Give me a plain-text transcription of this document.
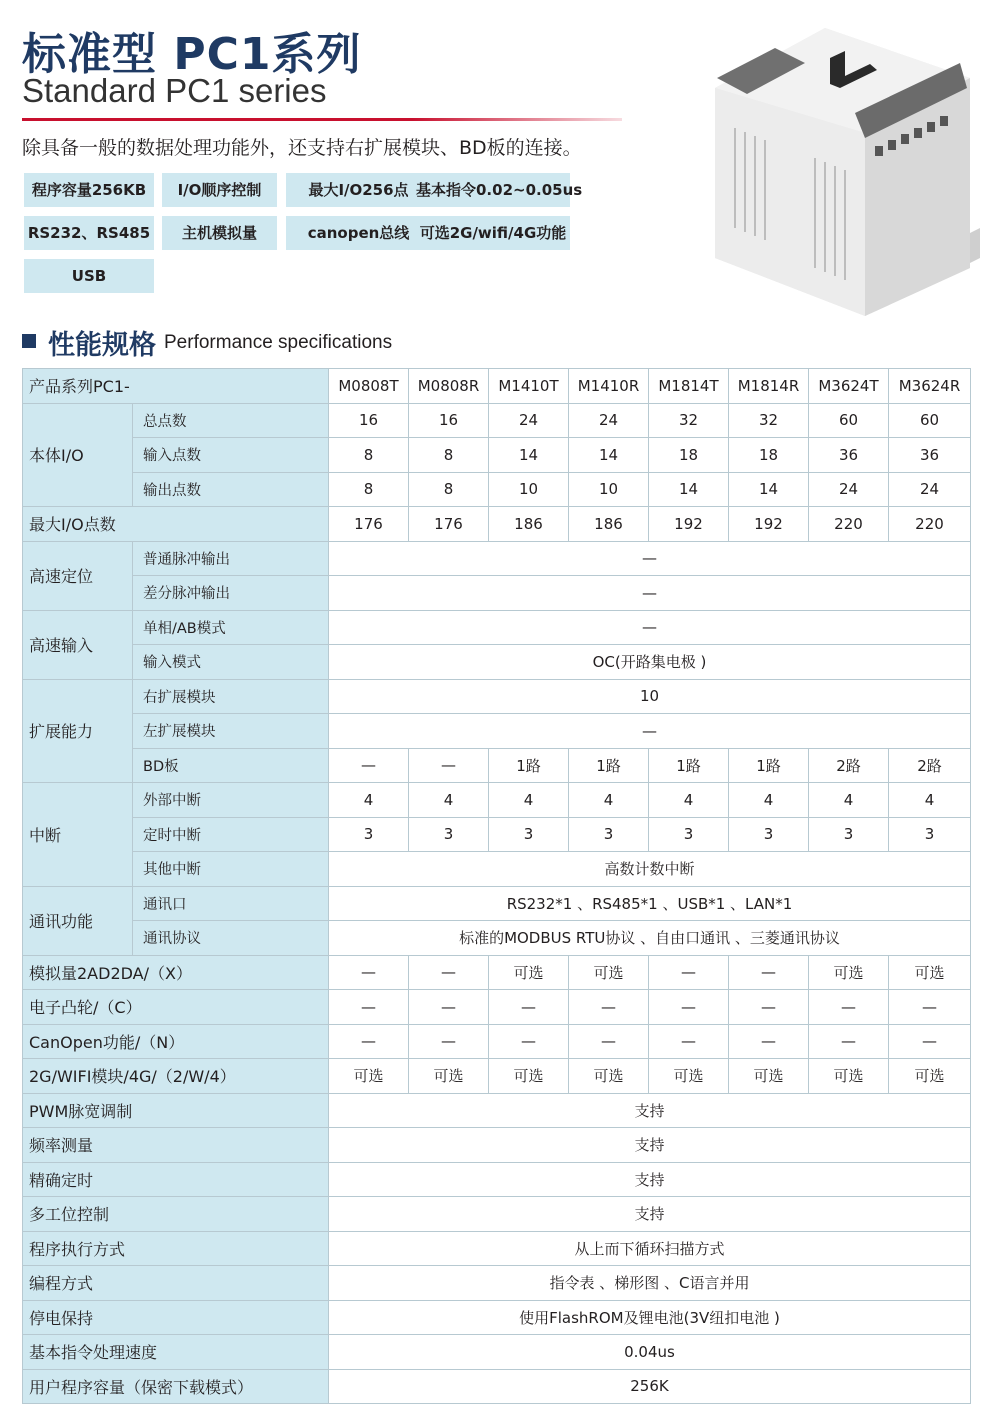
标准型 PC1系列
Standard PC1 series
除具备一般的数据处理功能外，还支持右扩展模块、BD板的连接。
程序容量256KB	I/O顺序控制	最大I/O256点 基本指令0.02~0.05us
RS232、RS485	主机模拟量	canopen总线 可选2G/wifi/4G功能
USB
性能规格 Performance specifications
产品系列PC1-		M0808T	M0808R	M1410T	M1410R	M1814T	M1814R	M3624T	M3624R
本体I/O	总点数	16	16	24	24	32	32	60	60
	输入点数	8	8	14	14	18	18	36	36
	输出点数	8	8	10	10	14	14	24	24
最大I/O点数		176	176	186	186	192	192	220	220
高速定位	普通脉冲输出	—							
	差分脉冲输出	—							
高速输入	单相/AB模式	—							
	输入模式	OC(开路集电极 )							
扩展能力	右扩展模块	10							
	左扩展模块	—							
	BD板	—	—	1路	1路	1路	1路	2路	2路
中断	外部中断	4	4	4	4	4	4	4	4
	定时中断	3	3	3	3	3	3	3	3
	其他中断	高数计数中断							
通讯功能	通讯口	RS232*1 、RS485*1 、USB*1 、LAN*1							
	通讯协议	标准的MODBUS RTU协议 、自由口通讯 、三菱通讯协议							
模拟量2AD2DA/（X）		—	—	可选	可选	—	—	可选	可选
电子凸轮/（C）		—	—	—	—	—	—	—	—
CanOpen功能/（N）		—	—	—	—	—	—	—	—
2G/WIFI模块/4G/（2/W/4）		可选	可选	可选	可选	可选	可选	可选	可选
PWM脉宽调制		支持							
频率测量		支持							
精确定时		支持							
多工位控制		支持							
程序执行方式		从上而下循环扫描方式							
编程方式		指令表 、梯形图 、C语言并用							
停电保持		使用FlashROM及锂电池(3V纽扣电池 )							
基本指令处理速度		0.04us							
用户程序容量（保密下载模式）		256K							
